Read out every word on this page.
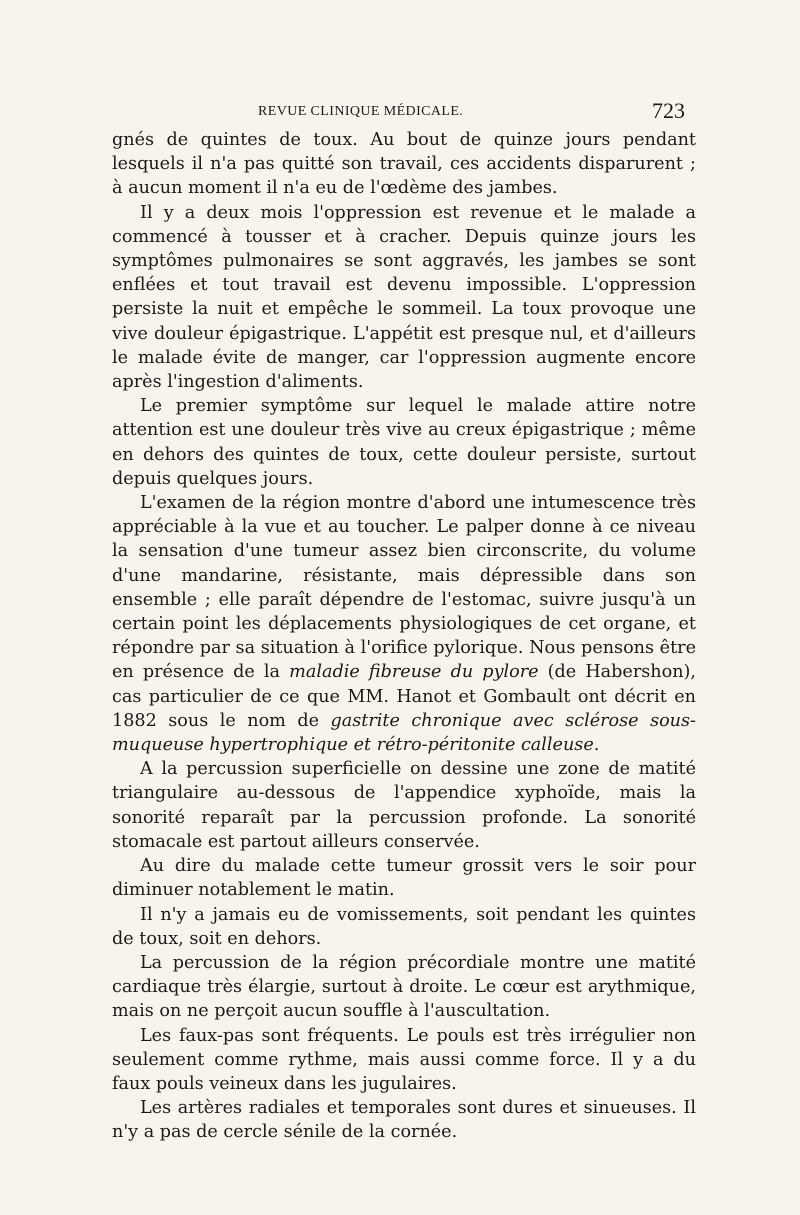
REVUE CLINIQUE MÉDICALE.	723

gnés de quintes de toux. Au bout de quinze jours pendant lesquels il n'a pas quitté son travail, ces accidents disparurent ; à aucun moment il n'a eu de l'œdème des jambes.

Il y a deux mois l'oppression est revenue et le malade a commencé à tousser et à cracher. Depuis quinze jours les symptômes pulmonaires se sont aggravés, les jambes se sont enflées et tout travail est devenu impossible. L'oppression persiste la nuit et empêche le sommeil. La toux provoque une vive douleur épigastrique. L'appétit est presque nul, et d'ailleurs le malade évite de manger, car l'oppression augmente encore après l'ingestion d'aliments.

Le premier symptôme sur lequel le malade attire notre attention est une douleur très vive au creux épigastrique ; même en dehors des quintes de toux, cette douleur persiste, surtout depuis quelques jours.

L'examen de la région montre d'abord une intumescence très appréciable à la vue et au toucher. Le palper donne à ce niveau la sensation d'une tumeur assez bien circonscrite, du volume d'une mandarine, résistante, mais dépressible dans son ensemble ; elle paraît dépendre de l'estomac, suivre jusqu'à un certain point les déplacements physiologiques de cet organe, et répondre par sa situation à l'orifice pylorique. Nous pensons être en présence de la maladie fibreuse du pylore (de Habershon), cas particulier de ce que MM. Hanot et Gombault ont décrit en 1882 sous le nom de gastrite chronique avec sclérose sous-muqueuse hypertrophique et rétro-péritonite calleuse.

A la percussion superficielle on dessine une zone de matité triangulaire au-dessous de l'appendice xyphoïde, mais la sonorité reparaît par la percussion profonde. La sonorité stomacale est partout ailleurs conservée.

Au dire du malade cette tumeur grossit vers le soir pour diminuer notablement le matin.

Il n'y a jamais eu de vomissements, soit pendant les quintes de toux, soit en dehors.

La percussion de la région précordiale montre une matité cardiaque très élargie, surtout à droite. Le cœur est arythmique, mais on ne perçoit aucun souffle à l'auscultation.

Les faux-pas sont fréquents. Le pouls est très irrégulier non seulement comme rythme, mais aussi comme force. Il y a du faux pouls veineux dans les jugulaires.

Les artères radiales et temporales sont dures et sinueuses. Il n'y a pas de cercle sénile de la cornée.
